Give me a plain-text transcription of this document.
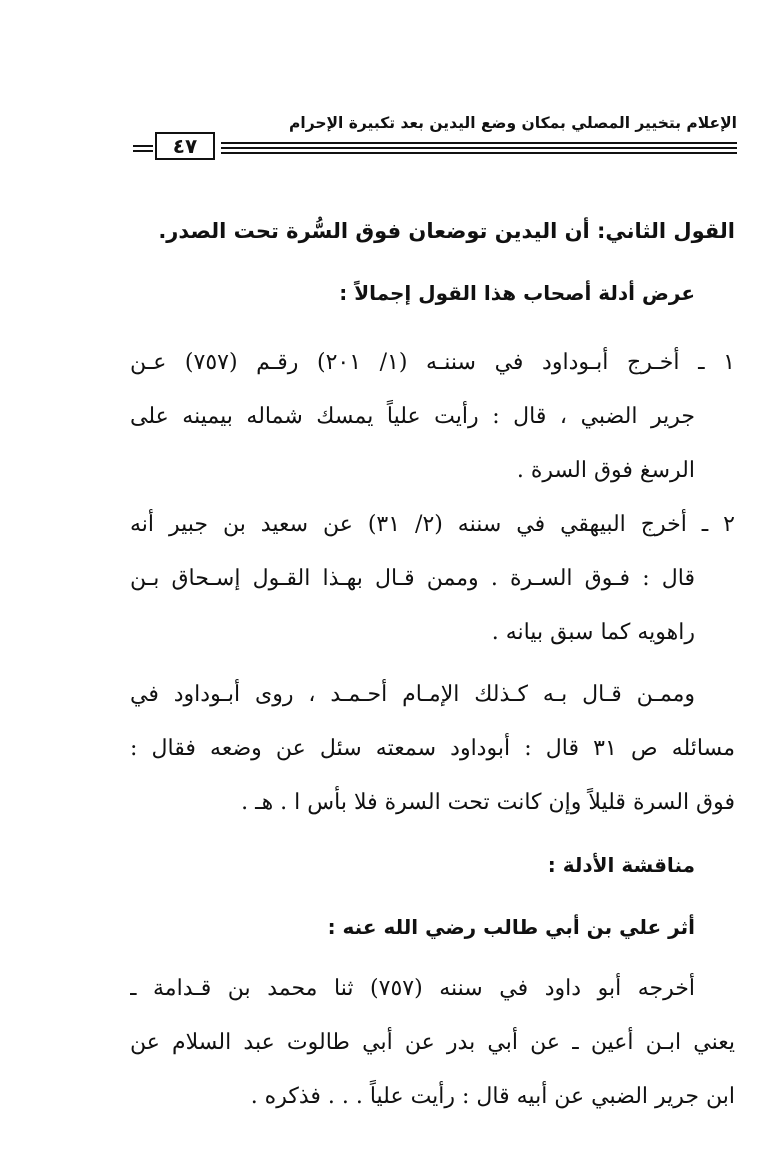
الإعلام بتخيير المصلي بمكان وضع اليدين بعد تكبيرة الإحرام
٤٧
القول الثاني: أن اليدين توضعان فوق السُّرة تحت الصدر.
عرض أدلة أصحاب هذا القول إجمالاً :
١ ـ أخـرج أبـوداود في سننـه (١/ ٢٠١) رقـم (٧٥٧) عـن
جرير الضبي ، قال : رأيت علياً يمسك شماله بيمينه على
الرسغ فوق السرة .
٢ ـ أخرج البيهقي في سننه (٢/ ٣١) عن سعيد بن جبير أنه
قال : فـوق السـرة . وممن قـال بهـذا القـول إسـحاق بـن
راهويه كما سبق بيانه .
وممـن قـال بـه كـذلك الإمـام أحـمـد ، روى أبـوداود في
مسائله ص ٣١ قال : أبوداود سمعته سئل عن وضعه فقال :
فوق السرة قليلاً وإن كانت تحت السرة فلا بأس ا . هـ .
مناقشة الأدلة :
أثر علي بن أبي طالب رضي الله عنه :
أخرجه أبو داود في سننه (٧٥٧) ثنا محمد بن قـدامة ـ
يعني ابـن أعين ـ عن أبي بدر عن أبي طالوت عبد السلام عن
ابن جرير الضبي عن أبيه قال : رأيت علياً . . . فذكره .
